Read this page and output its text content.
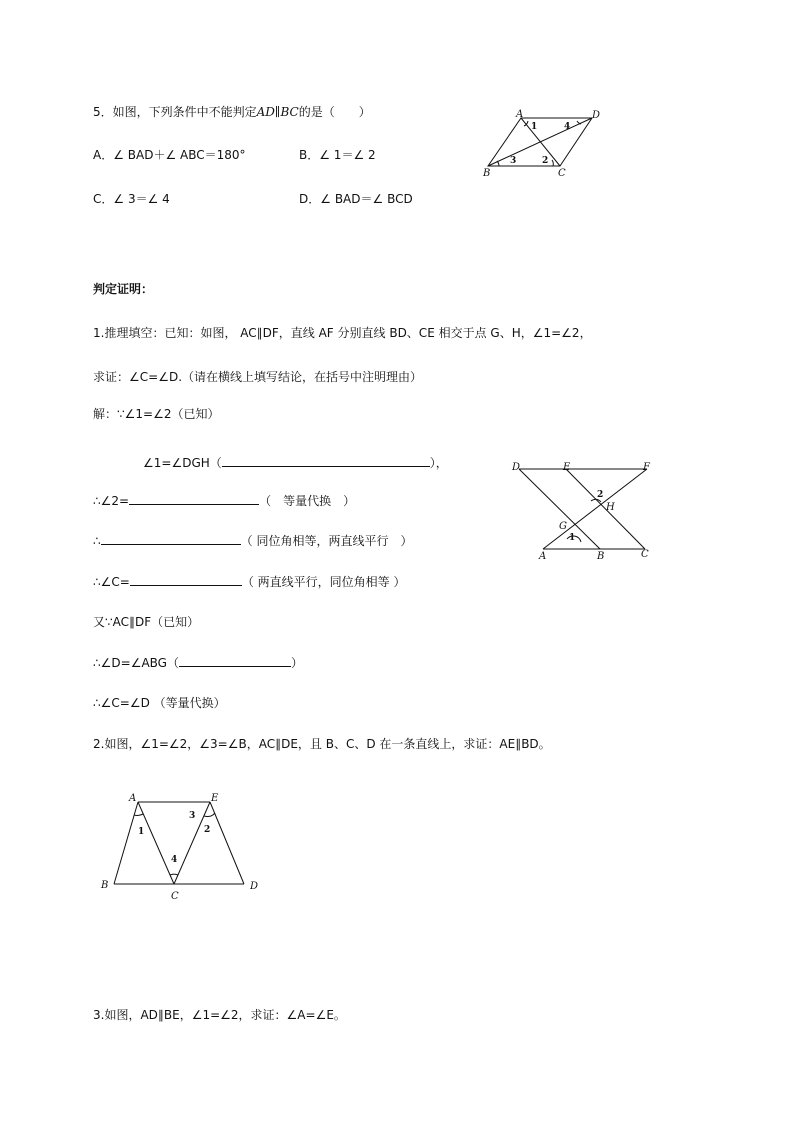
5．如图，下列条件中不能判定AD∥BC的是（　　）
A．∠ BAD＋∠ ABC＝180°	B．∠ 1＝∠ 2
C．∠ 3＝∠ 4	D．∠ BAD＝∠ BCD
A	D
B	C
1	4
2
3
判定证明：
1.推理填空：已知：如图， AC∥DF，直线 AF 分别直线 BD、CE 相交于点 G、H，∠1=∠2，
求证：∠C=∠D.（请在横线上填写结论，在括号中注明理由）
解：∵∠1=∠2（已知）
∠1=∠DGH（	），
∴∠2=	（　等量代换　）
∴	（ 同位角相等，两直线平行　）
∴∠C=	（ 两直线平行，同位角相等 ）
又∵AC∥DF（已知）
∴∠D=∠ABG（	）
∴∠C=∠D （等量代换）
D	E	F
G
H
A	B	C
2
1
2.如图，∠1=∠2，∠3=∠B，AC∥DE，且 B、C、D 在一条直线上，求证：AE∥BD。
A	E
B
C
D
1
3
2
4
3.如图，AD∥BE，∠1=∠2，求证：∠A=∠E。
